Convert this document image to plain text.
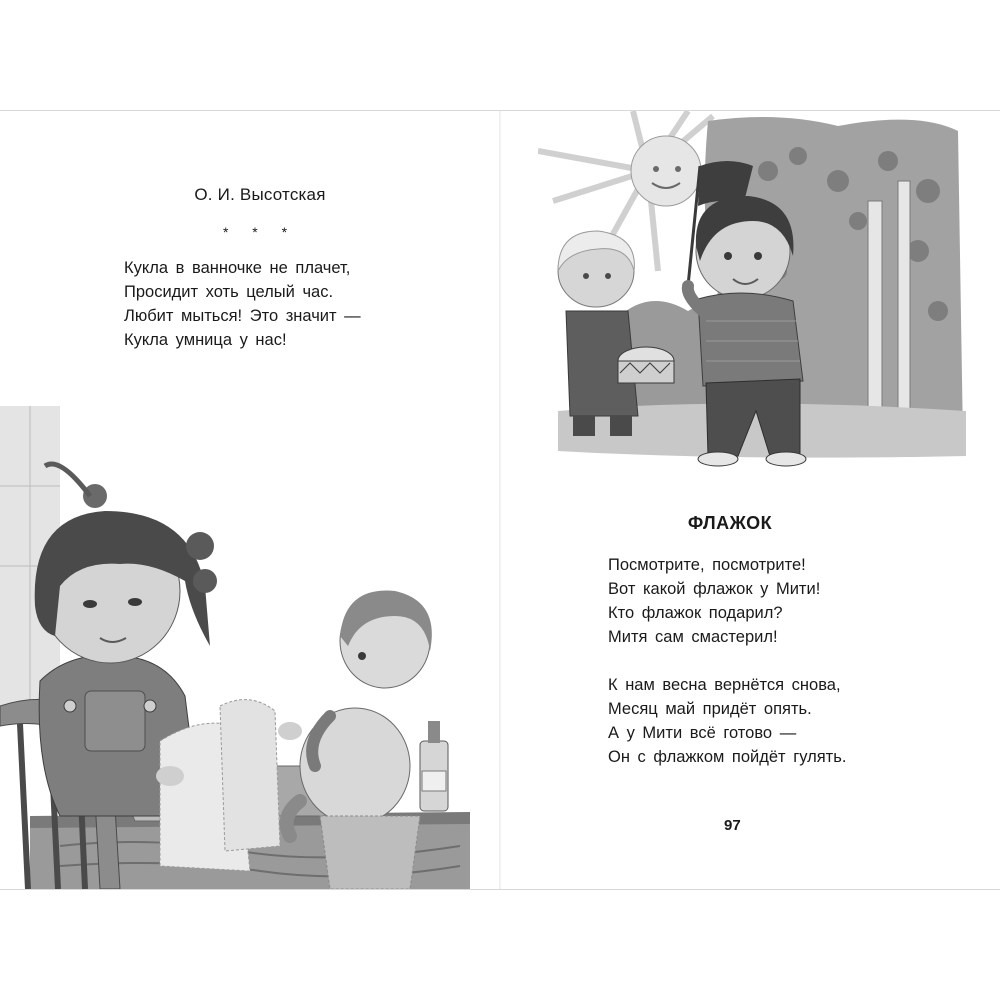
О. И. Высотская
* * *
Кукла в ванночке не плачет,
Просидит хоть целый час.
Любит мыться! Это значит —
Кукла умница у нас!
ФЛАЖОК
Посмотрите, посмотрите!
Вот какой флажок у Мити!
Кто флажок подарил?
Митя сам смастерил!
К нам весна вернётся снова,
Месяц май придёт опять.
А у Мити всё готово —
Он с флажком пойдёт гулять.
97
